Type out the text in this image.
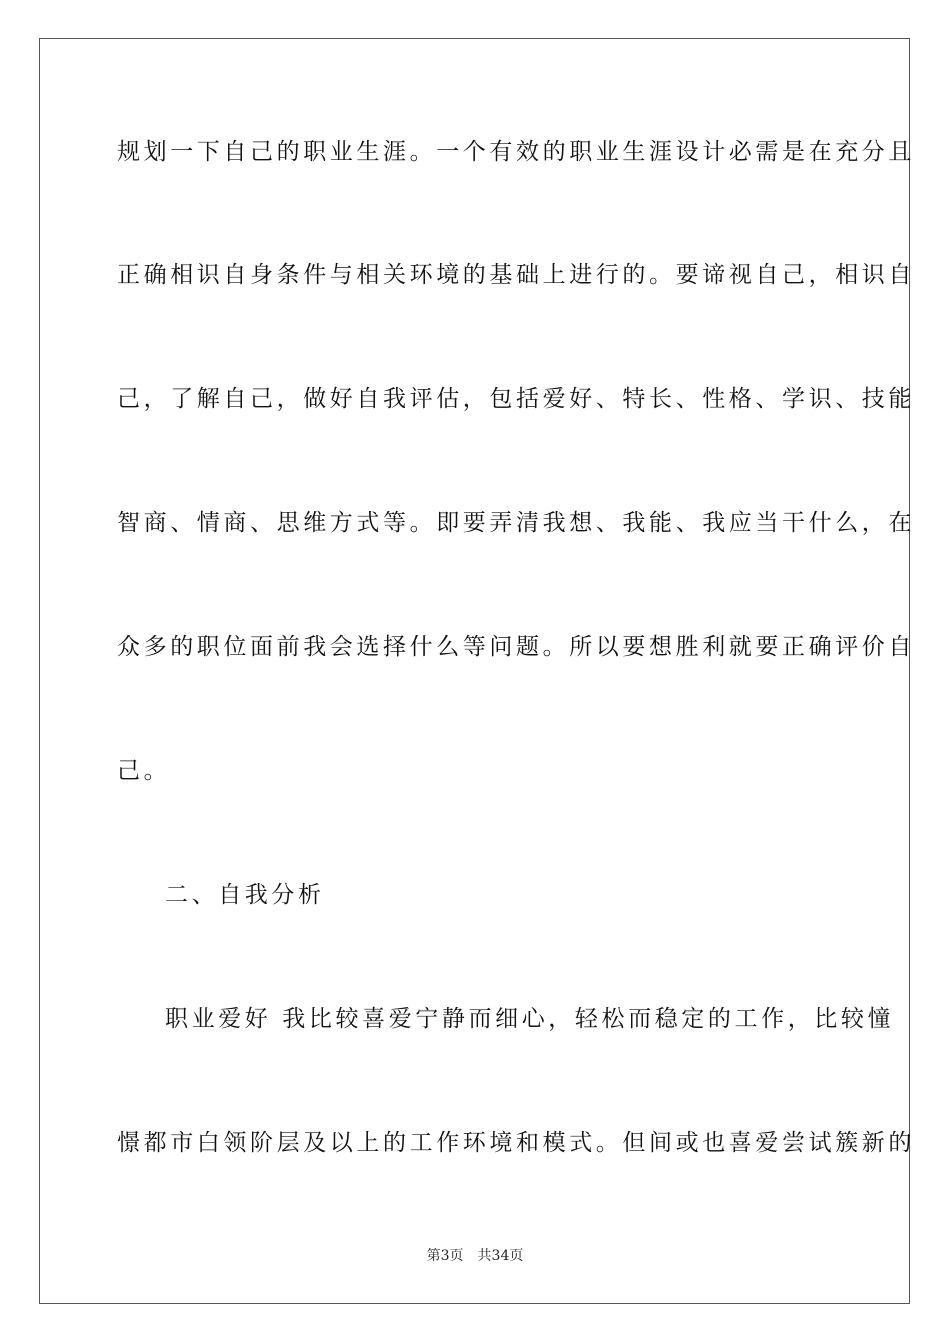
规划一下自己的职业生涯。一个有效的职业生涯设计必需是在充分且
正确相识自身条件与相关环境的基础上进行的。要谛视自己，相识自
己，了解自己，做好自我评估，包括爱好、特长、性格、学识、技能
智商、情商、思维方式等。即要弄清我想、我能、我应当干什么，在
众多的职位面前我会选择什么等问题。所以要想胜利就要正确评价自
己。
二、自我分析
职业爱好 我比较喜爱宁静而细心，轻松而稳定的工作，比较憧
憬都市白领阶层及以上的工作环境和模式。但间或也喜爱尝试簇新的
第3页 共34页
